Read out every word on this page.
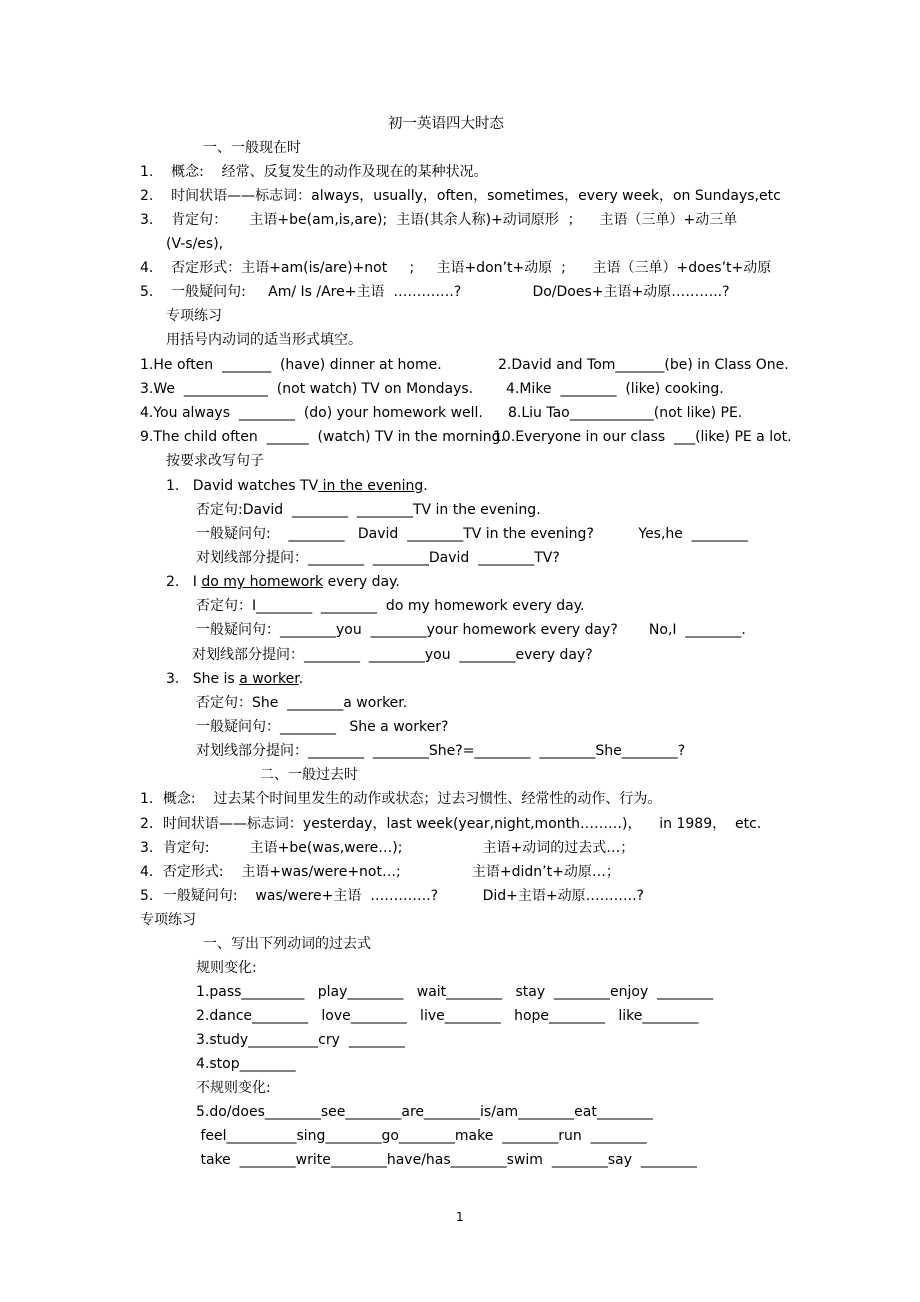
初一英语四大时态
一、一般现在时
1.    概念:    经常、反复发生的动作及现在的某种状况。
2.    时间状语——标志词：always，usually，often，sometimes，every week，on Sundays,etc
3.    肯定句：     主语+be(am,is,are);  主语(其余人称)+动词原形  ；    主语（三单）+动三单
(V-s/es),
4.    否定形式：主语+am(is/are)+not     ;     主语+don’t+动原  ;      主语（三单）+does’t+动原
5.    一般疑问句:     Am/ Is /Are+主语  ………….?                Do/Does+主语+动原………..?
专项练习
用括号内动词的适当形式填空。
1.He often  _______  (have) dinner at home.	2.David and Tom_______(be) in Class One.
3.We  ____________  (not watch) TV on Mondays. 4.Mike  ________  (like) cooking.
4.You always  ________  (do) your homework well. 8.Liu Tao____________(not like) PE.
9.The child often  ______  (watch) TV in the morning.
10.Everyone in our class  ___(like) PE a lot.
按要求改写句子
1. David watches TV in the evening.
否定句:David  ________  ________TV in the evening.
一般疑问句:    ________   David  ________TV in the evening?          Yes,he  ________
对划线部分提问：________  ________David  ________TV?
2. I do my homework every day.
否定句：I________  ________  do my homework every day.
一般疑问句：________you  ________your homework every day?       No,I  ________.
对划线部分提问：________  ________you  ________every day?
3. She is a worker.
否定句：She  ________a worker.
一般疑问句：________   She a worker?
对划线部分提问：________  ________She?=________  ________She________?
二、一般过去时
1．概念:    过去某个时间里发生的动作或状态；过去习惯性、经常性的动作、行为。
2．时间状语——标志词：yesterday，last week(year,night,month………)，    in 1989，  etc.
3．肯定句:         主语+be(was,were…);                  主语+动词的过去式…；
4．否定形式:    主语+was/were+not…;                主语+didn’t+动原…；
5．一般疑问句:    was/were+主语  ………….?          Did+主语+动原………..?
专项练习
一、写出下列动词的过去式
规则变化:
1.pass_________   play________   wait________   stay  ________enjoy  ________
2.dance________   love________   live________   hope________   like________
3.study__________cry  ________
4.stop________
不规则变化:
5.do/does________see________are________is/am________eat________
feel__________sing________go________make  ________run  ________
take  ________write________have/has________swim  ________say  ________
1
